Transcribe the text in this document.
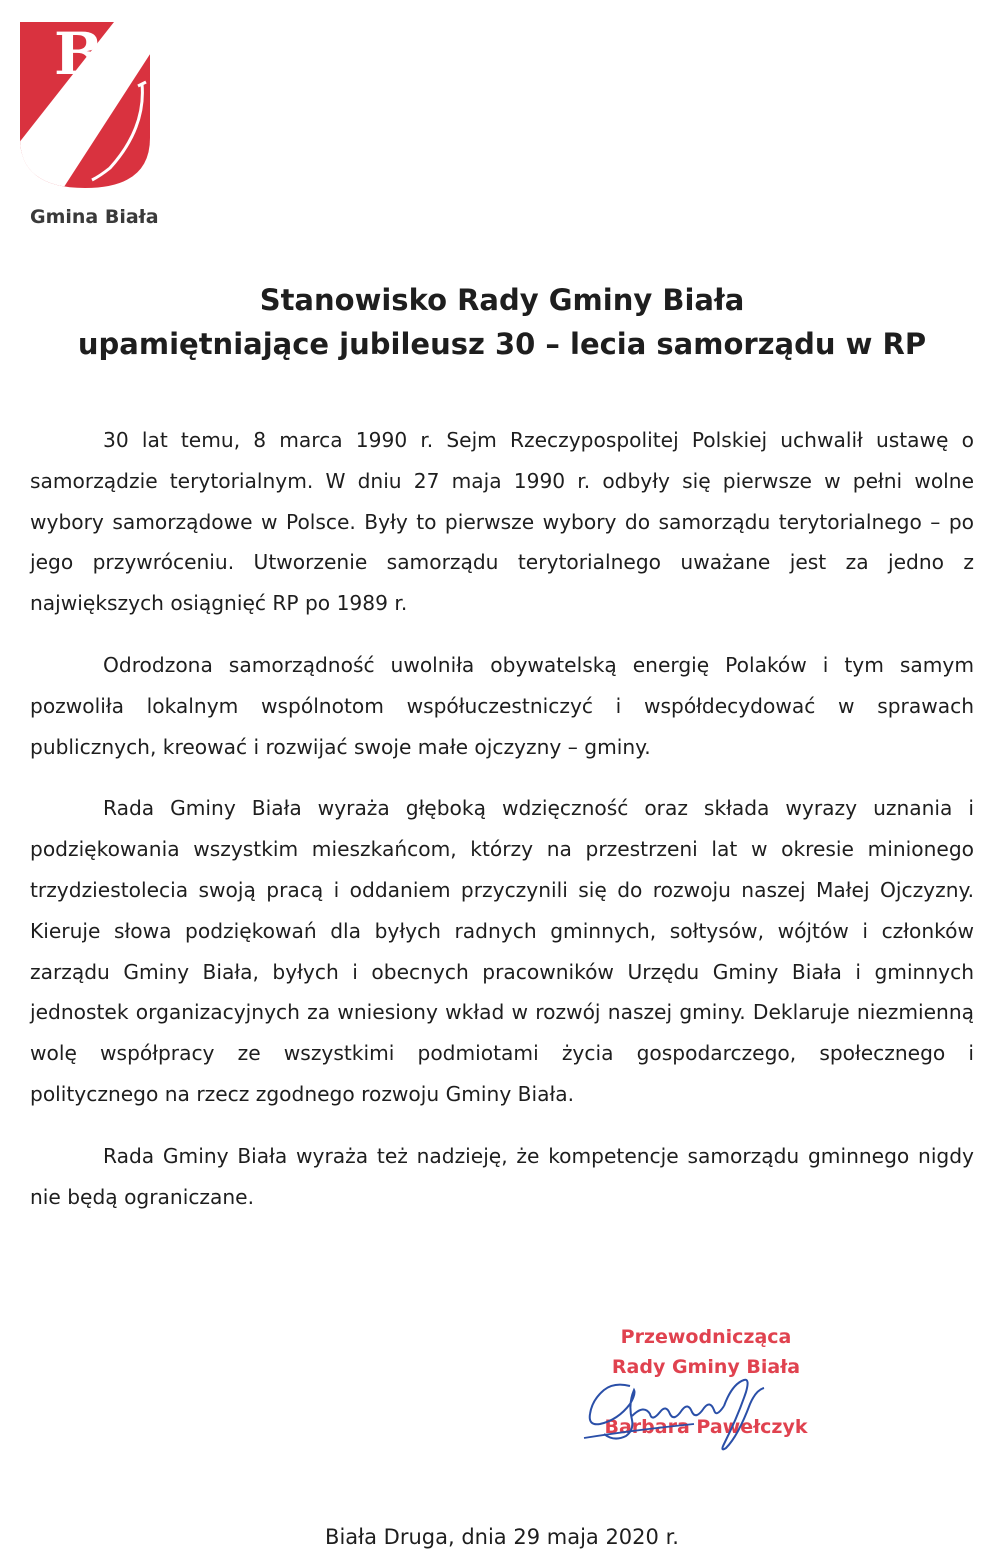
B
Gmina Biała
Stanowisko Rady Gminy Biała
upamiętniające jubileusz 30 – lecia samorządu w RP

30 lat temu, 8 marca 1990 r. Sejm Rzeczypospolitej Polskiej uchwalił ustawę o samorządzie terytorialnym. W dniu 27 maja 1990 r. odbyły się pierwsze w pełni wolne wybory samorządowe w Polsce. Były to pierwsze wybory do samorządu terytorialnego – po jego przywróceniu. Utworzenie samorządu terytorialnego uważane jest za jedno z największych osiągnięć RP po 1989 r.

Odrodzona samorządność uwolniła obywatelską energię Polaków i tym samym pozwoliła lokalnym wspólnotom współuczestniczyć i współdecydować w sprawach publicznych, kreować i rozwijać swoje małe ojczyzny – gminy.

Rada Gminy Biała wyraża głęboką wdzięczność oraz składa wyrazy uznania i podziękowania wszystkim mieszkańcom, którzy na przestrzeni lat w okresie minionego trzydziestolecia swoją pracą i oddaniem przyczynili się do rozwoju naszej Małej Ojczyzny. Kieruje słowa podziękowań dla byłych radnych gminnych, sołtysów, wójtów i członków zarządu Gminy Biała, byłych i obecnych pracowników Urzędu Gminy Biała i gminnych jednostek organizacyjnych za wniesiony wkład w rozwój naszej gminy. Deklaruje niezmienną wolę współpracy ze wszystkimi podmiotami życia gospodarczego, społecznego i politycznego na rzecz zgodnego rozwoju Gminy Biała.

Rada Gminy Biała wyraża też nadzieję, że kompetencje samorządu gminnego nigdy nie będą ograniczane.

Przewodnicząca
Rady Gminy Biała
Barbara Pawełczyk
Biała Druga, dnia 29 maja 2020 r.
